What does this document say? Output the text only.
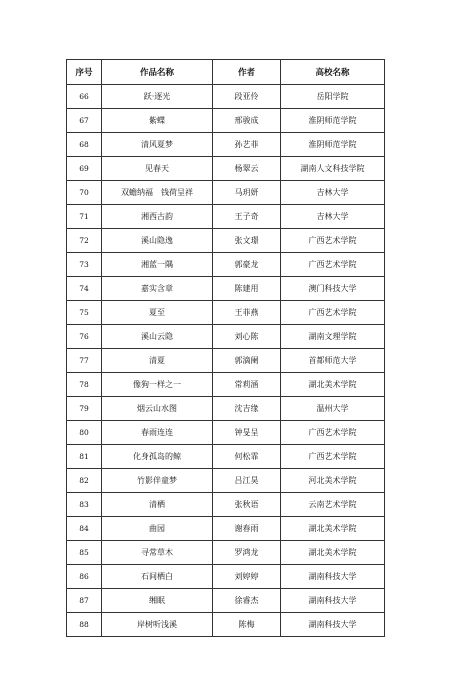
序号	作品名称	作者	高校名称
66	跃·逐光	段亚伶	岳阳学院
67	紫蝶	邢骏成	淮阴师范学院
68	清风夏梦	孙艺菲	淮阴师范学院
69	见春天	杨翠云	湖南人文科技学院
70	双蟾纳福　钱荷呈祥	马玥妍	吉林大学
71	湘西古韵	王子奇	吉林大学
72	溪山隐逸	张文璟	广西艺术学院
73	湘蓝一隅	郭豪龙	广西艺术学院
74	嘉实含章	陈建用	澳门科技大学
75	夏至	王菲燕	广西艺术学院
76	溪山云隐	刘心陈	湖南文理学院
77	清夏	郭滴阑	首都师范大学
78	像狗一样之一	常莉涵	湖北美术学院
79	烟云山水图	沈吉缘	温州大学
80	春雨连连	钟旻呈	广西艺术学院
81	化身孤岛的鲸	何松霏	广西艺术学院
82	竹影伴童梦	吕江昊	河北美术学院
83	清栖	张秋语	云南艺术学院
84	曲园	谢春雨	湖北美术学院
85	寻常草木	罗鸿龙	湖北美术学院
86	石间栖白	刘婷婷	湖南科技大学
87	缃眠	徐睿杰	湖南科技大学
88	岸树听浅溪	陈梅	湖南科技大学
